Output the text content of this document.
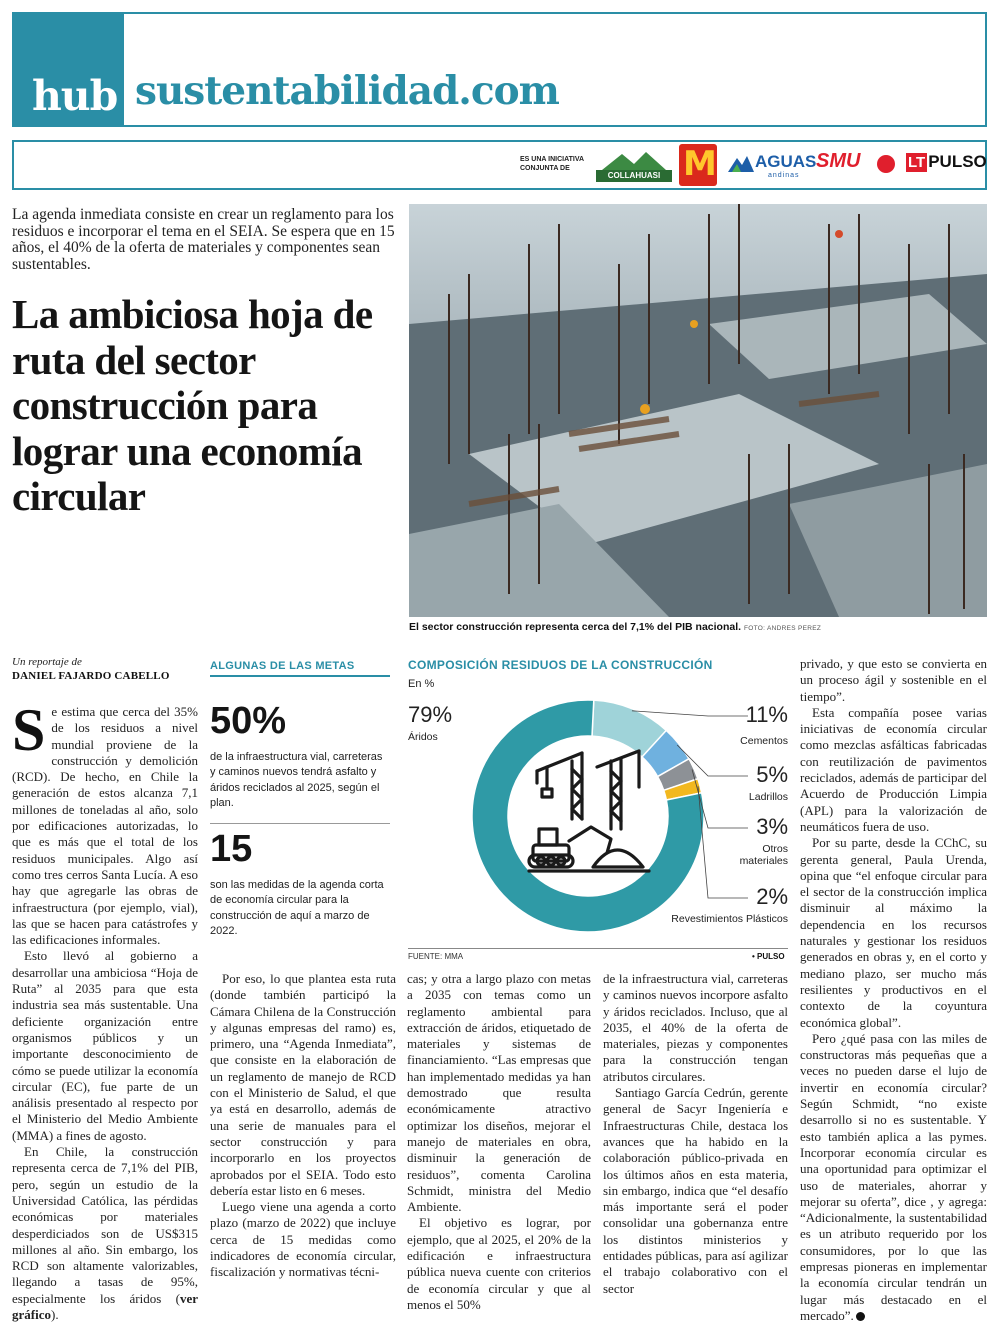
hub sustentabilidad.com
ES UNA INICIATIVA CONJUNTA DE
COLLAHUASI M AGUAS
andinas
SMU	LT PULSO
La agenda inmediata consiste en crear un reglamento para los residuos e incorporar el tema en el SEIA. Se espera que en 15 años, el 40% de la oferta de materiales y componentes sean sustentables.
La ambiciosa hoja de ruta del sector construcción para lograr una economía circular
El sector construcción representa cerca del 7,1% del PIB nacional. FOTO: ANDRES PEREZ
Un reportaje de
DANIEL FAJARDO CABELLO

Se estima que cerca del 35% de los residuos a nivel mundial proviene de la construcción y demolición (RCD). De hecho, en Chile la generación de estos alcanza 7,1 millones de toneladas al año, solo por edificaciones autorizadas, lo que es más que el total de los residuos municipales. Algo así como tres cerros Santa Lucía. A eso hay que agregarle las obras de infraestructura (por ejemplo, vial), las que se hacen para catástrofes y las edificaciones informales.

Esto llevó al gobierno a desarrollar una ambiciosa “Hoja de Ruta” al 2035 para que esta industria sea más sustentable. Una deficiente organización entre organismos públicos y un importante desconocimiento de cómo se puede utilizar la economía circular (EC), fue parte de un análisis presentado al respecto por el Ministerio del Medio Ambiente (MMA) a fines de agosto.

En Chile, la construcción representa cerca de 7,1% del PIB, pero, según un estudio de la Universidad Católica, las pérdidas económicas por materiales desperdiciados son de US$315 millones al año. Sin embargo, los RCD son altamente valorizables, llegando a tasas de 95%, especialmente los áridos (ver gráfico).

ALGUNAS DE LAS METAS
50%
de la infraestructura vial, carreteras y caminos nuevos tendrá asfalto y áridos reciclados al 2025, según el plan.
15
son las medidas de la agenda corta de economía circular para la construcción de aquí a marzo de 2022.
COMPOSICIÓN RESIDUOS DE LA CONSTRUCCIÓN
En %
11%
Cementos
5%
Ladrillos
3%
Otros
materiales
2%
Revestimientos Plásticos
79%
Áridos
FUENTE: MMA	• PULSO

Por eso, lo que plantea esta ruta (donde también participó la Cámara Chilena de la Construcción y algunas empresas del ramo) es, primero, una “Agenda Inmediata”, que consiste en la elaboración de un reglamento de manejo de RCD con el Ministerio de Salud, el que ya está en desarrollo, además de una serie de manuales para el sector construcción y para incorporarlo en los proyectos aprobados por el SEIA. Todo esto debería estar listo en 6 meses.

Luego viene una agenda a corto plazo (marzo de 2022) que incluye cerca de 15 medidas como indicadores de economía circular, fiscalización y normativas técni-

cas; y otra a largo plazo con metas a 2035 con temas como un reglamento ambiental para extracción de áridos, etiquetado de materiales y sistemas de financiamiento. “Las empresas que han implementado medidas ya han demostrado que resulta económicamente atractivo optimizar los diseños, mejorar el manejo de materiales en obra, disminuir la generación de residuos”, comenta Carolina Schmidt, ministra del Medio Ambiente.

El objetivo es lograr, por ejemplo, que al 2025, el 20% de la edificación e infraestructura pública nueva cuente con criterios de economía circular y que al menos el 50%

de la infraestructura vial, carreteras y caminos nuevos incorpore asfalto y áridos reciclados. Incluso, que al 2035, el 40% de la oferta de materiales, piezas y componentes para la construcción tengan atributos circulares.

Santiago García Cedrún, gerente general de Sacyr Ingeniería e Infraestructuras Chile, destaca los avances que ha habido en la colaboración público-privada en los últimos años en esta materia, sin embargo, indica que “el desafío más importante será el poder consolidar una gobernanza entre los distintos ministerios y entidades públicas, para así agilizar el trabajo colaborativo con el sector

privado, y que esto se convierta en un proceso ágil y sostenible en el tiempo”.

Esta compañía posee varias iniciativas de economía circular como mezclas asfálticas fabricadas con reutilización de pavimentos reciclados, además de participar del Acuerdo de Producción Limpia (APL) para la valorización de neumáticos fuera de uso.

Por su parte, desde la CChC, su gerenta general, Paula Urenda, opina que “el enfoque circular para el sector de la construcción implica disminuir al máximo la dependencia en los recursos naturales y gestionar los residuos generados en obras y, en el corto y mediano plazo, ser mucho más resilientes y productivos en el contexto de la coyuntura económica global”.

Pero ¿qué pasa con las miles de constructoras más pequeñas que a veces no pueden darse el lujo de invertir en economía circular? Según Schmidt, “no existe desarrollo si no es sustentable. Y esto también aplica a las pymes. Incorporar economía circular es una oportunidad para optimizar el uso de materiales, ahorrar y mejorar su oferta”, dice , y agrega: “Adicionalmente, la sustentabilidad es un atributo requerido por los consumidores, por lo que las empresas pioneras en implementar la economía circular tendrán un lugar más destacado en el mercado”.
